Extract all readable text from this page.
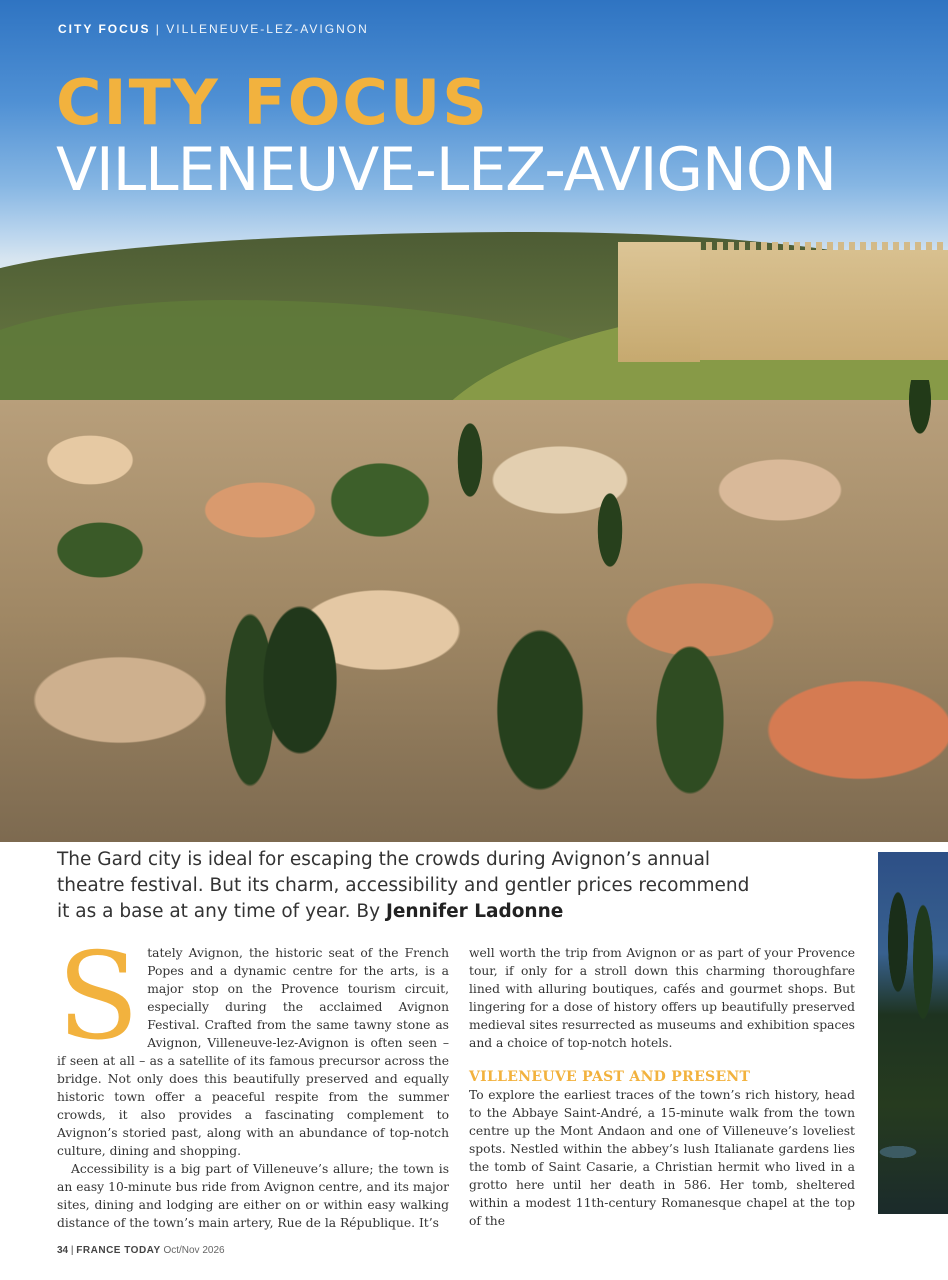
CITY FOCUS | VILLENEUVE-LEZ-AVIGNON
CITY FOCUS
VILLENEUVE-LEZ-AVIGNON

The Gard city is ideal for escaping the crowds during Avignon’s annual theatre festival. But its charm, accessibility and gentler prices recommend it as a base at any time of year. By Jennifer Ladonne

Stately Avignon, the historic seat of the French Popes and a dynamic centre for the arts, is a major stop on the Provence tourism circuit, especially during the acclaimed Avignon Festival. Crafted from the same tawny stone as Avignon, Villeneuve-lez-Avignon is often seen – if seen at all – as a satellite of its famous precursor across the bridge. Not only does this beautifully preserved and equally historic town offer a peaceful respite from the summer crowds, it also provides a fascinating complement to Avignon’s storied past, along with an abundance of top-notch culture, dining and shopping.

Accessibility is a big part of Villeneuve’s allure; the town is an easy 10-minute bus ride from Avignon centre, and its major sites, dining and lodging are either on or within easy walking distance of the town’s main artery, Rue de la République. It’s

well worth the trip from Avignon or as part of your Provence tour, if only for a stroll down this charming thoroughfare lined with alluring boutiques, cafés and gourmet shops. But lingering for a dose of history offers up beautifully preserved medieval sites resurrected as museums and exhibition spaces and a choice of top-notch hotels.

VILLENEUVE PAST AND PRESENT

To explore the earliest traces of the town’s rich history, head to the Abbaye Saint-André, a 15-minute walk from the town centre up the Mont Andaon and one of Villeneuve’s loveliest spots. Nestled within the abbey’s lush Italianate gardens lies the tomb of Saint Casarie, a Christian hermit who lived in a grotto here until her death in 586. Her tomb, sheltered within a modest 11th-century Romanesque chapel at the top of the

34 | FRANCE TODAY Oct/Nov 2026
